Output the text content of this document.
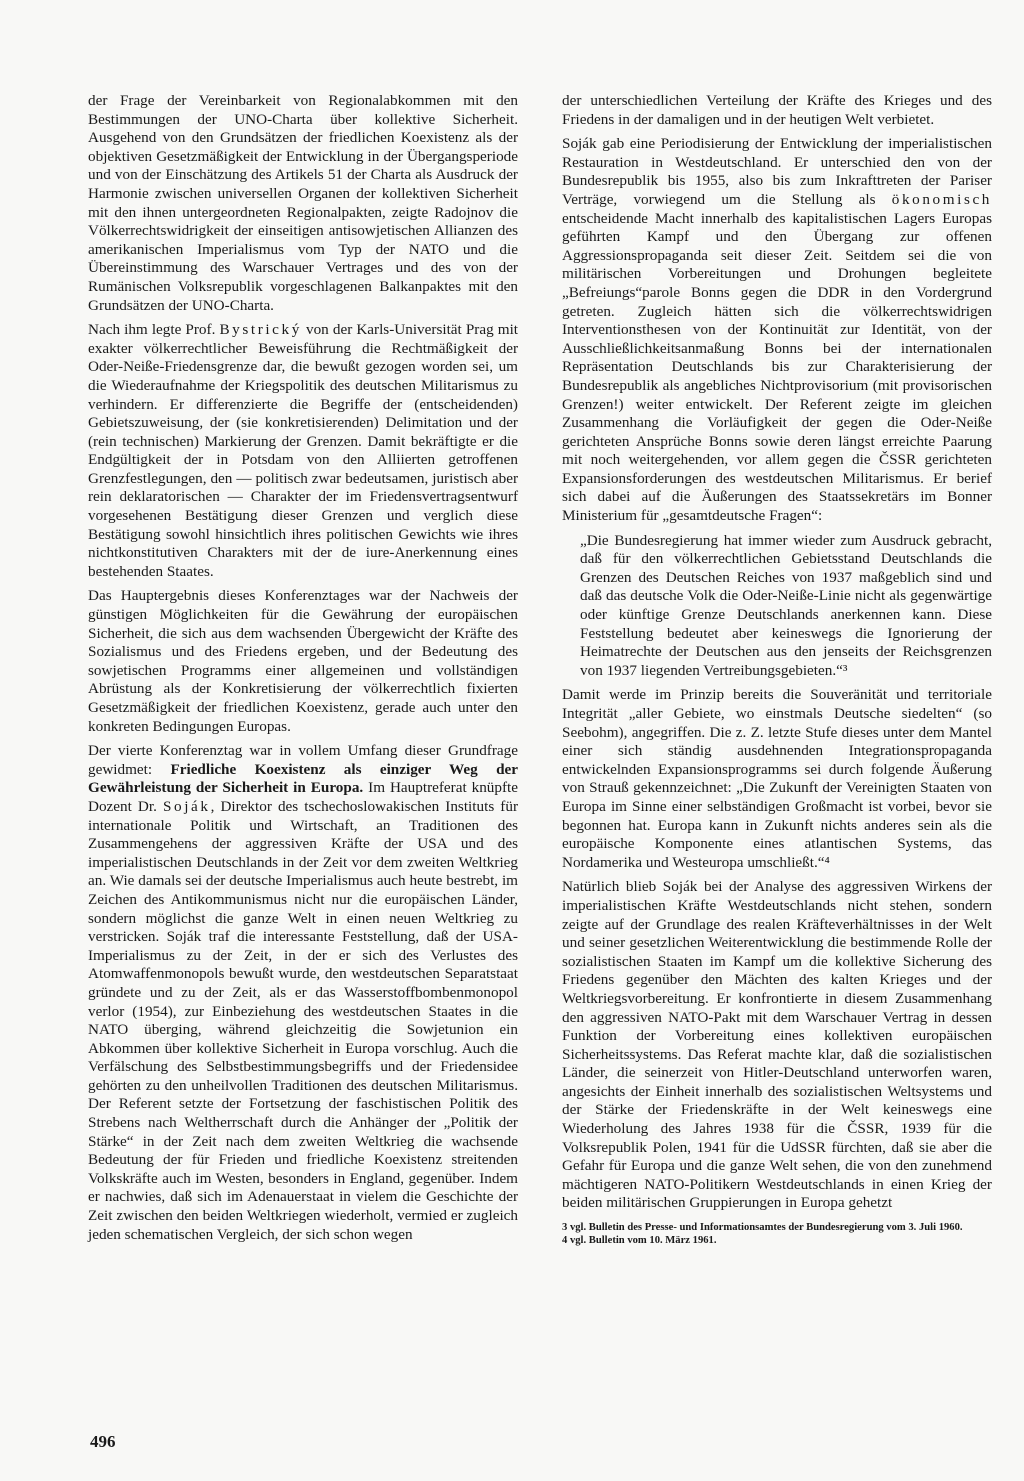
der Frage der Vereinbarkeit von Regionalabkommen mit den Bestimmungen der UNO-Charta über kollektive Sicherheit. Ausgehend von den Grundsätzen der friedlichen Koexistenz als der objektiven Gesetzmäßigkeit der Entwicklung in der Übergangsperiode und von der Einschätzung des Artikels 51 der Charta als Ausdruck der Harmonie zwischen universellen Organen der kollektiven Sicherheit mit den ihnen untergeordneten Regionalpakten, zeigte Radojnov die Völkerrechtswidrigkeit der einseitigen antisowjetischen Allianzen des amerikanischen Imperialismus vom Typ der NATO und die Übereinstimmung des Warschauer Vertrages und des von der Rumänischen Volksrepublik vorgeschlagenen Balkanpaktes mit den Grundsätzen der UNO-Charta.

Nach ihm legte Prof. Bystrický von der Karls-Universität Prag mit exakter völkerrechtlicher Beweisführung die Rechtmäßigkeit der Oder-Neiße-Friedensgrenze dar, die bewußt gezogen worden sei, um die Wiederaufnahme der Kriegspolitik des deutschen Militarismus zu verhindern. Er differenzierte die Begriffe der (entscheidenden) Gebietszuweisung, der (sie konkretisierenden) Delimitation und der (rein technischen) Markierung der Grenzen. Damit bekräftigte er die Endgültigkeit der in Potsdam von den Alliierten getroffenen Grenzfestlegungen, den — politisch zwar bedeutsamen, juristisch aber rein deklaratorischen — Charakter der im Friedensvertragsentwurf vorgesehenen Bestätigung dieser Grenzen und verglich diese Bestätigung sowohl hinsichtlich ihres politischen Gewichts wie ihres nichtkonstitutiven Charakters mit der de iure-Anerkennung eines bestehenden Staates.

Das Hauptergebnis dieses Konferenztages war der Nachweis der günstigen Möglichkeiten für die Gewährung der europäischen Sicherheit, die sich aus dem wachsenden Übergewicht der Kräfte des Sozialismus und des Friedens ergeben, und der Bedeutung des sowjetischen Programms einer allgemeinen und vollständigen Abrüstung als der Konkretisierung der völkerrechtlich fixierten Gesetzmäßigkeit der friedlichen Koexistenz, gerade auch unter den konkreten Bedingungen Europas.

Der vierte Konferenztag war in vollem Umfang dieser Grundfrage gewidmet: Friedliche Koexistenz als einziger Weg der Gewährleistung der Sicherheit in Europa. Im Hauptreferat knüpfte Dozent Dr. Soják, Direktor des tschechoslowakischen Instituts für internationale Politik und Wirtschaft, an Traditionen des Zusammengehens der aggressiven Kräfte der USA und des imperialistischen Deutschlands in der Zeit vor dem zweiten Weltkrieg an. Wie damals sei der deutsche Imperialismus auch heute bestrebt, im Zeichen des Antikommunismus nicht nur die europäischen Länder, sondern möglichst die ganze Welt in einen neuen Weltkrieg zu verstricken. Soják traf die interessante Feststellung, daß der USA-Imperialismus zu der Zeit, in der er sich des Verlustes des Atomwaffenmonopols bewußt wurde, den westdeutschen Separatstaat gründete und zu der Zeit, als er das Wasserstoffbombenmonopol verlor (1954), zur Einbeziehung des westdeutschen Staates in die NATO überging, während gleichzeitig die Sowjetunion ein Abkommen über kollektive Sicherheit in Europa vorschlug. Auch die Verfälschung des Selbstbestimmungsbegriffs und der Friedensidee gehörten zu den unheilvollen Traditionen des deutschen Militarismus. Der Referent setzte der Fortsetzung der faschistischen Politik des Strebens nach Weltherrschaft durch die Anhänger der „Politik der Stärke“ in der Zeit nach dem zweiten Weltkrieg die wachsende Bedeutung der für Frieden und friedliche Koexistenz streitenden Volkskräfte auch im Westen, besonders in England, gegenüber. Indem er nachwies, daß sich im Adenauerstaat in vielem die Geschichte der Zeit zwischen den beiden Weltkriegen wiederholt, vermied er zugleich jeden schematischen Vergleich, der sich schon wegen

der unterschiedlichen Verteilung der Kräfte des Krieges und des Friedens in der damaligen und in der heutigen Welt verbietet.

Soják gab eine Periodisierung der Entwicklung der imperialistischen Restauration in Westdeutschland. Er unterschied den von der Bundesrepublik bis 1955, also bis zum Inkrafttreten der Pariser Verträge, vorwiegend um die Stellung als ökonomisch entscheidende Macht innerhalb des kapitalistischen Lagers Europas geführten Kampf und den Übergang zur offenen Aggressionspropaganda seit dieser Zeit. Seitdem sei die von militärischen Vorbereitungen und Drohungen begleitete „Befreiungs“parole Bonns gegen die DDR in den Vordergrund getreten. Zugleich hätten sich die völkerrechtswidrigen Interventionsthesen von der Kontinuität zur Identität, von der Ausschließlichkeitsanmaßung Bonns bei der internationalen Repräsentation Deutschlands bis zur Charakterisierung der Bundesrepublik als angebliches Nichtprovisorium (mit provisorischen Grenzen!) weiter entwickelt. Der Referent zeigte im gleichen Zusammenhang die Vorläufigkeit der gegen die Oder-Neiße gerichteten Ansprüche Bonns sowie deren längst erreichte Paarung mit noch weitergehenden, vor allem gegen die ČSSR gerichteten Expansionsforderungen des westdeutschen Militarismus. Er berief sich dabei auf die Äußerungen des Staatssekretärs im Bonner Ministerium für „gesamtdeutsche Fragen“:

„Die Bundesregierung hat immer wieder zum Ausdruck gebracht, daß für den völkerrechtlichen Gebietsstand Deutschlands die Grenzen des Deutschen Reiches von 1937 maßgeblich sind und daß das deutsche Volk die Oder-Neiße-Linie nicht als gegenwärtige oder künftige Grenze Deutschlands anerkennen kann. Diese Feststellung bedeutet aber keineswegs die Ignorierung der Heimatrechte der Deutschen aus den jenseits der Reichsgrenzen von 1937 liegenden Vertreibungsgebieten.“³

Damit werde im Prinzip bereits die Souveränität und territoriale Integrität „aller Gebiete, wo einstmals Deutsche siedelten“ (so Seebohm), angegriffen. Die z. Z. letzte Stufe dieses unter dem Mantel einer sich ständig ausdehnenden Integrationspropaganda entwickelnden Expansionsprogramms sei durch folgende Äußerung von Strauß gekennzeichnet: „Die Zukunft der Vereinigten Staaten von Europa im Sinne einer selbständigen Großmacht ist vorbei, bevor sie begonnen hat. Europa kann in Zukunft nichts anderes sein als die europäische Komponente eines atlantischen Systems, das Nordamerika und Westeuropa umschließt.“⁴

Natürlich blieb Soják bei der Analyse des aggressiven Wirkens der imperialistischen Kräfte Westdeutschlands nicht stehen, sondern zeigte auf der Grundlage des realen Kräfteverhältnisses in der Welt und seiner gesetzlichen Weiterentwicklung die bestimmende Rolle der sozialistischen Staaten im Kampf um die kollektive Sicherung des Friedens gegenüber den Mächten des kalten Krieges und der Weltkriegsvorbereitung. Er konfrontierte in diesem Zusammenhang den aggressiven NATO-Pakt mit dem Warschauer Vertrag in dessen Funktion der Vorbereitung eines kollektiven europäischen Sicherheitssystems. Das Referat machte klar, daß die sozialistischen Länder, die seinerzeit von Hitler-Deutschland unterworfen waren, angesichts der Einheit innerhalb des sozialistischen Weltsystems und der Stärke der Friedenskräfte in der Welt keineswegs eine Wiederholung des Jahres 1938 für die ČSSR, 1939 für die Volksrepublik Polen, 1941 für die UdSSR fürchten, daß sie aber die Gefahr für Europa und die ganze Welt sehen, die von den zunehmend mächtigeren NATO-Politikern Westdeutschlands in einen Krieg der beiden militärischen Gruppierungen in Europa gehetzt

3 vgl. Bulletin des Presse- und Informationsamtes der Bundesregierung vom 3. Juli 1960.
4 vgl. Bulletin vom 10. März 1961.
496
